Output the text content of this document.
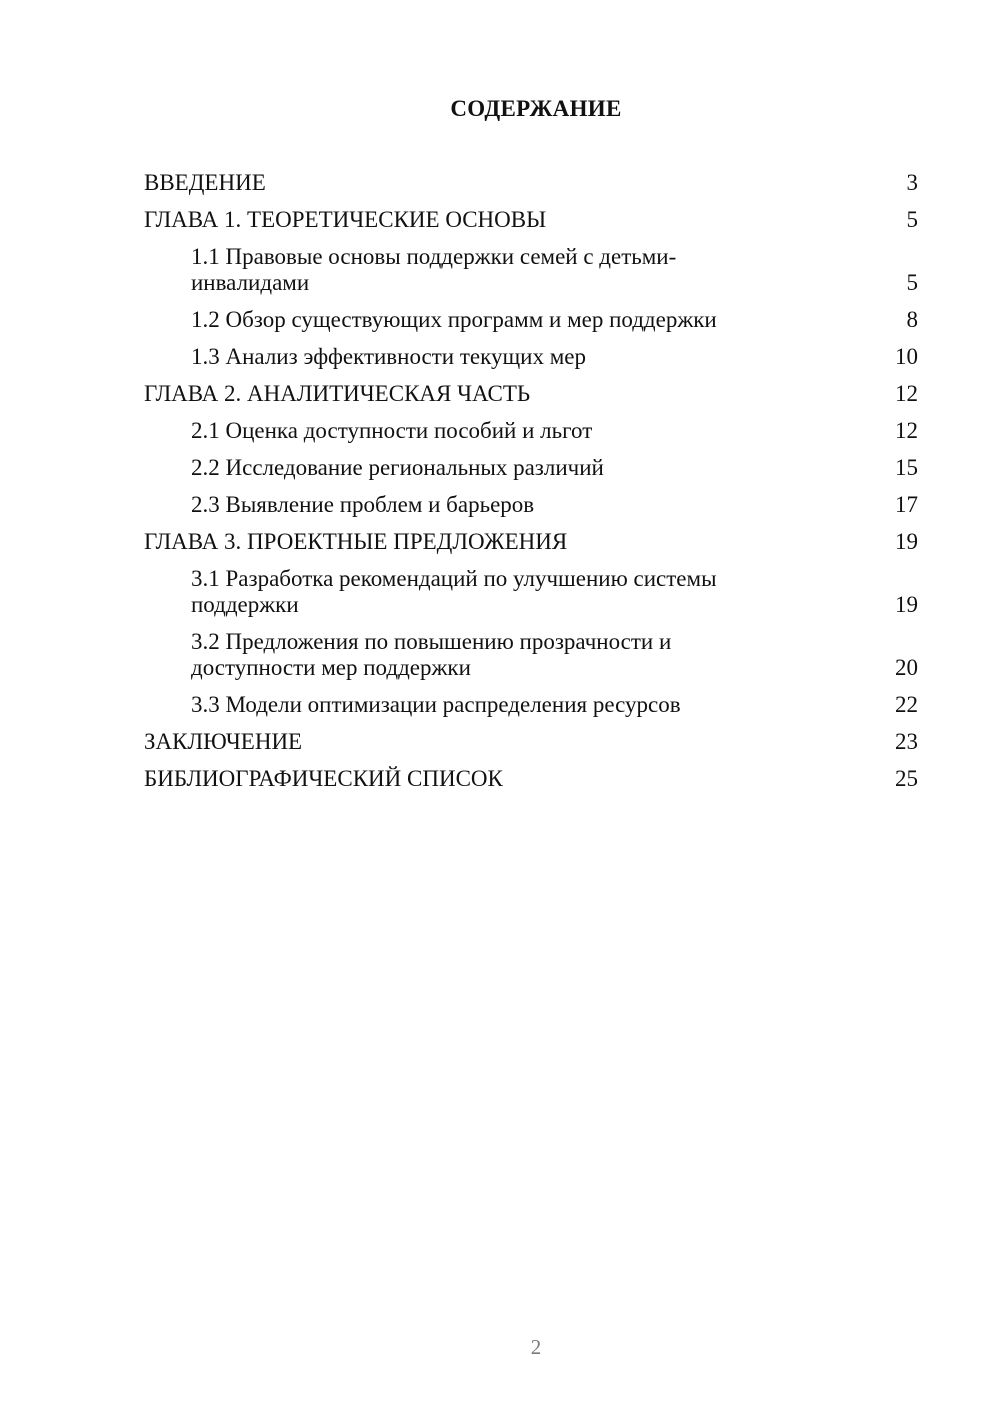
СОДЕРЖАНИЕ
ВВЕДЕНИЕ	3
ГЛАВА 1. ТЕОРЕТИЧЕСКИЕ ОСНОВЫ	5
1.1 Правовые основы поддержки семей с детьми-инвалидами	5
1.2 Обзор существующих программ и мер поддержки	8
1.3 Анализ эффективности текущих мер	10
ГЛАВА 2. АНАЛИТИЧЕСКАЯ ЧАСТЬ	12
2.1 Оценка доступности пособий и льгот	12
2.2 Исследование региональных различий	15
2.3 Выявление проблем и барьеров	17
ГЛАВА 3. ПРОЕКТНЫЕ ПРЕДЛОЖЕНИЯ	19
3.1 Разработка рекомендаций по улучшению системы поддержки	19
3.2 Предложения по повышению прозрачности и доступности мер поддержки	20
3.3 Модели оптимизации распределения ресурсов	22
ЗАКЛЮЧЕНИЕ	23
БИБЛИОГРАФИЧЕСКИЙ СПИСОК	25
2
